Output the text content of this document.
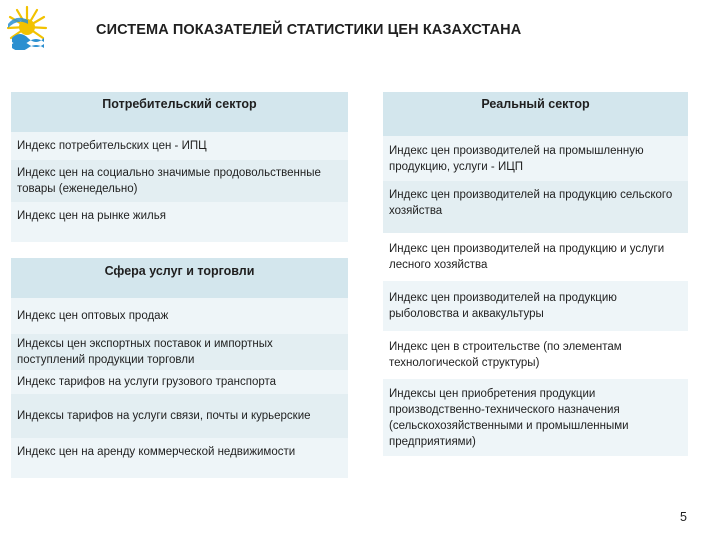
СИСТЕМА ПОКАЗАТЕЛЕЙ СТАТИСТИКИ ЦЕН КАЗАХСТАНА
Потребительский сектор
Индекс потребительских цен - ИПЦ
Индекс цен на социально значимые продовольственные товары (еженедельно)
Индекс цен на рынке жилья
Сфера услуг и торговли
Индекс цен оптовых продаж
Индексы цен экспортных поставок и импортных поступлений продукции торговли
Индекс тарифов на услуги грузового транспорта
Индексы тарифов на услуги связи, почты и курьерские
Индекс цен на аренду коммерческой недвижимости
Реальный сектор
Индекс цен производителей на промышленную продукцию, услуги - ИЦП
Индекс цен производителей на продукцию сельского хозяйства
Индекс цен производителей на продукцию и услуги лесного хозяйства
Индекс цен производителей на продукцию рыболовства и аквакультуры
Индекс цен в строительстве (по элементам технологической структуры)
Индексы цен приобретения продукции производственно-технического назначения (сельскохозяйственными и промышленными предприятиями)
5
